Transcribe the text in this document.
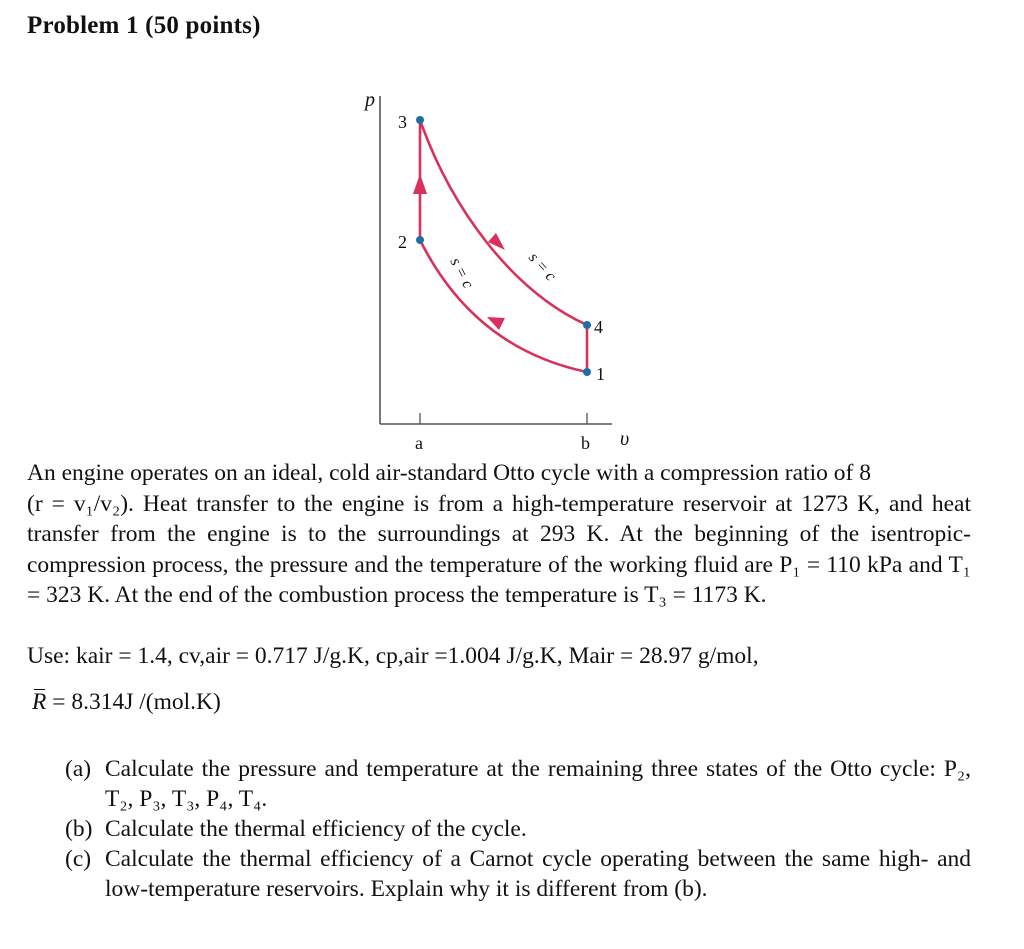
Problem 1 (50 points)
p
υ
a	b
3
2
4
1
s = c	s = c

An engine operates on an ideal, cold air-standard Otto cycle with a compression ratio of 8

(r = v₁/v₂). Heat transfer to the engine is from a high-temperature reservoir at 1273 K, and heat transfer from the engine is to the surroundings at 293 K. At the beginning of the isentropic-compression process, the pressure and the temperature of the working fluid are P₁ = 110 kPa and T₁ = 323 K. At the end of the combustion process the temperature is T₃ = 1173 K.

Use: kair = 1.4, cv,air = 0.717 J/g.K, cp,air =1.004 J/g.K, Mair = 28.97 g/mol,
R = 8.314J /(mol.K)
(a) Calculate the pressure and temperature at the remaining three states of the Otto cycle: P₂, T₂, P₃, T₃, P₄, T₄.
(b) Calculate the thermal efficiency of the cycle.
(c) Calculate the thermal efficiency of a Carnot cycle operating between the same high- and low-temperature reservoirs. Explain why it is different from (b).
